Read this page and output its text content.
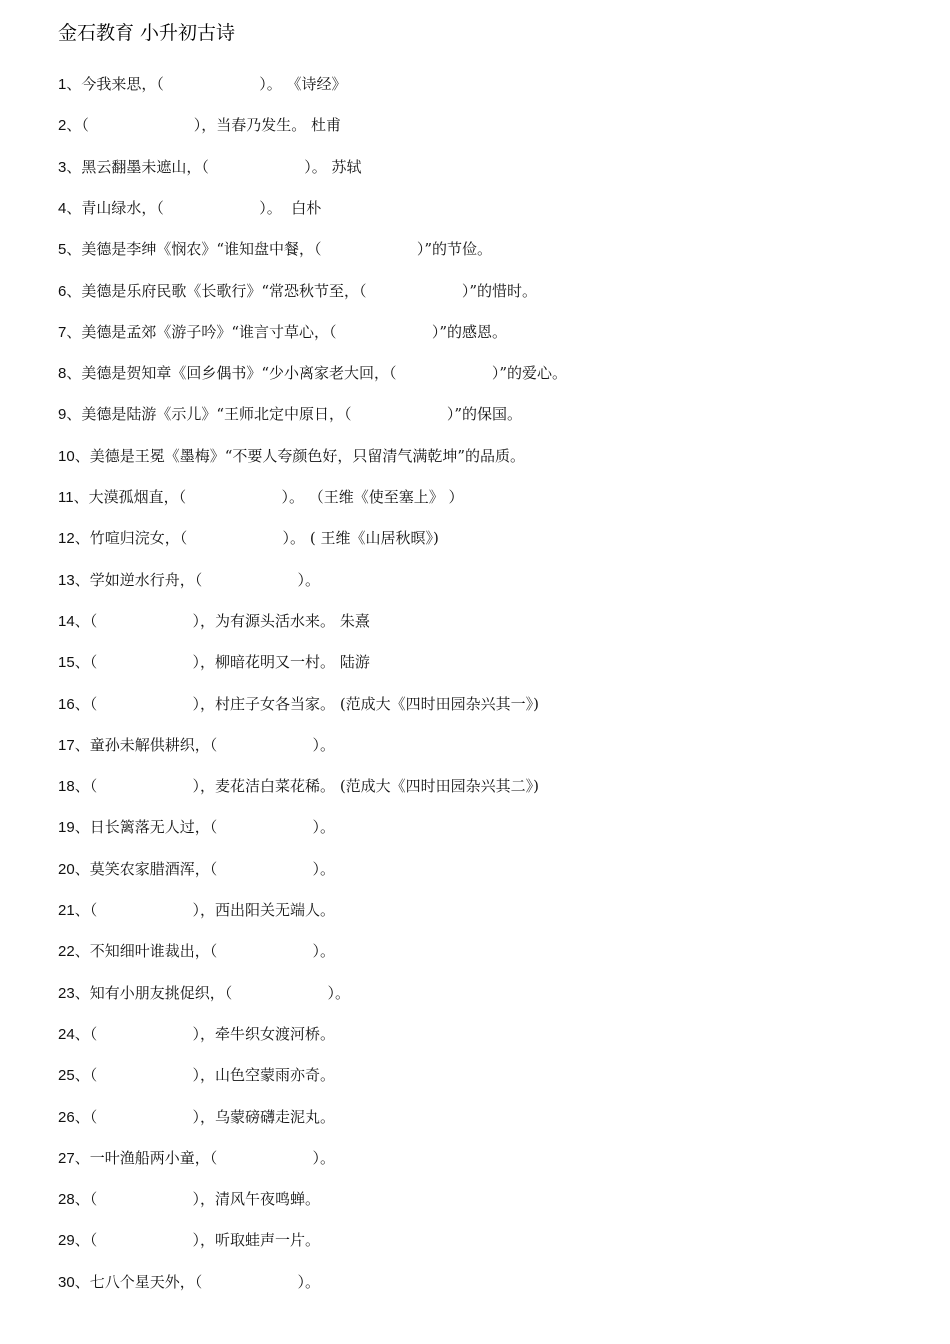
金石教育 小升初古诗
1、今我来思，（                    ）。 《诗经》
2、（                      ），当春乃发生。 杜甫
3、黑云翻墨未遮山，（                    ）。 苏轼
4、青山绿水，（                    ）。  白朴
5、美德是李绅《悯农》“谁知盘中餐，（                    ）”的节俭。
6、美德是乐府民歌《长歌行》“常恐秋节至，（                    ）”的惜时。
7、美德是孟郊《游子吟》“谁言寸草心，（                    ）”的感恩。
8、美德是贺知章《回乡偶书》“少小离家老大回，（                    ）”的爱心。
9、美德是陆游《示儿》“王师北定中原日，（                    ）”的保国。
10、美德是王冕《墨梅》“不要人夸颜色好，只留清气满乾坤”的品质。
11、大漠孤烟直，（                    ）。 （王维《使至塞上》 ）
12、竹喧归浣女，（                    ）。 ( 王维《山居秋暝》)
13、学如逆水行舟，（                    ）。
14、（                    ），为有源头活水来。 朱熹
15、（                    ），柳暗花明又一村。 陆游
16、（                    ），村庄子女各当家。 (范成大《四时田园杂兴其一》)
17、童孙未解供耕织，（                    ）。
18、（                    ），麦花洁白菜花稀。 (范成大《四时田园杂兴其二》)
19、日长篱落无人过，（                    ）。
20、莫笑农家腊酒浑，（                    ）。
21、（                    ），西出阳关无端人。
22、不知细叶谁裁出，（                    ）。
23、知有小朋友挑促织，（                    ）。
24、（                    ），牵牛织女渡河桥。
25、（                    ），山色空蒙雨亦奇。
26、（                    ），乌蒙磅礴走泥丸。
27、一叶渔船两小童，（                    ）。
28、（                    ），清风午夜鸣蝉。
29、（                    ），听取蛙声一片。
30、七八个星天外，（                    ）。
